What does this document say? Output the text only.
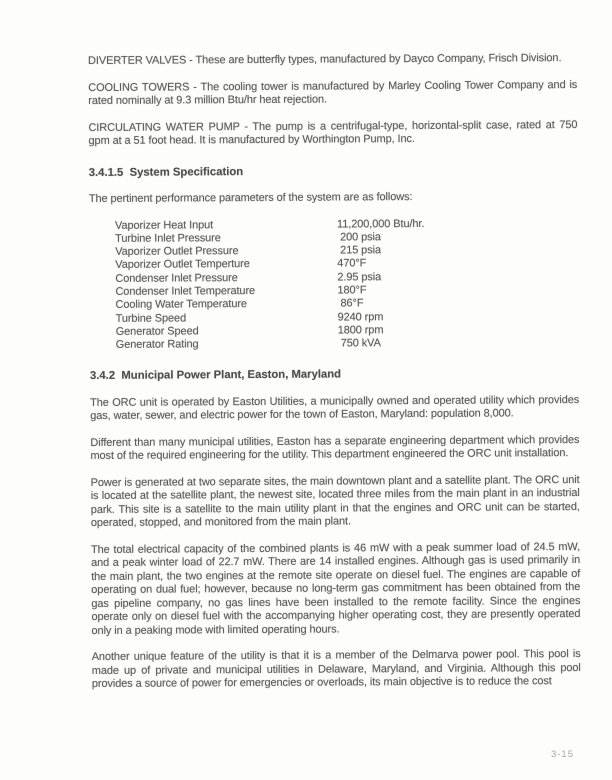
DIVERTER VALVES - These are butterfly types, manufactured by Dayco Company, Frisch Division.

COOLING TOWERS - The cooling tower is manufactured by Marley Cooling Tower Company and is rated nominally at 9.3 million Btu/hr heat rejection.

CIRCULATING WATER PUMP - The pump is a centrifugal-type, horizontal-split case, rated at 750 gpm at a 51 foot head. It is manufactured by Worthington Pump, Inc.

3.4.1.5  System Specification

The pertinent performance parameters of the system are as follows:

Vaporizer Heat Input	11,200,000 Btu/hr.
Turbine Inlet Pressure	200 psia
Vaporizer Outlet Pressure	215 psia
Vaporizer Outlet Temperture	470°F
Condenser Inlet Pressure	2.95 psia
Condenser Inlet Temperature	180°F
Cooling Water Temperature	86°F
Turbine Speed	9240 rpm
Generator Speed	1800 rpm
Generator Rating	750 kVA
3.4.2  Municipal Power Plant, Easton, Maryland

The ORC unit is operated by Easton Utilities, a municipally owned and operated utility which provides gas, water, sewer, and electric power for the town of Easton, Maryland: population 8,000.

Different than many municipal utilities, Easton has a separate engineering department which provides most of the required engineering for the utility. This department engineered the ORC unit installation.

Power is generated at two separate sites, the main downtown plant and a satellite plant. The ORC unit is located at the satellite plant, the newest site, located three miles from the main plant in an industrial park. This site is a satellite to the main utility plant in that the engines and ORC unit can be started, operated, stopped, and monitored from the main plant.

The total electrical capacity of the combined plants is 46 mW with a peak summer load of 24.5 mW, and a peak winter load of 22.7 mW. There are 14 installed engines. Although gas is used primarily in the main plant, the two engines at the remote site operate on diesel fuel. The engines are capable of operating on dual fuel; however, because no long-term gas commitment has been obtained from the gas pipeline company, no gas lines have been installed to the remote facility. Since the engines operate only on diesel fuel with the accompanying higher operating cost, they are presently operated only in a peaking mode with limited operating hours.

Another unique feature of the utility is that it is a member of the Delmarva power pool. This pool is made up of private and municipal utilities in Delaware, Maryland, and Virginia. Although this pool provides a source of power for emergencies or overloads, its main objective is to reduce the cost

3-15
